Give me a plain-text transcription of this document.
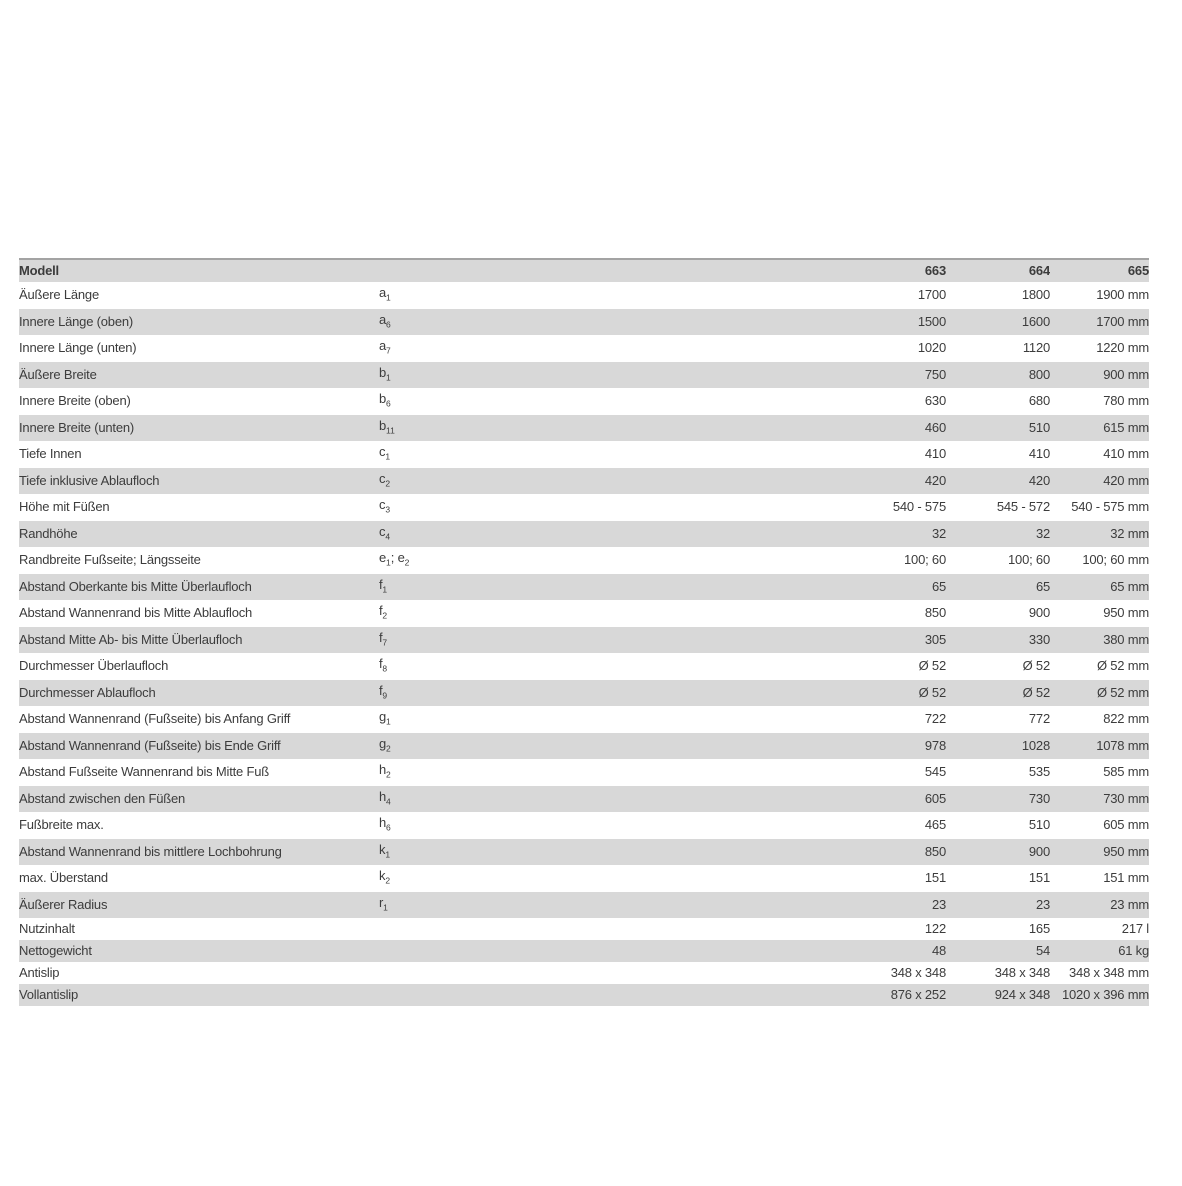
Modell		663	664	665
Äußere Länge	$a_1$	1700	1800	1900 mm
Innere Länge (oben)	$a_6$	1500	1600	1700 mm
Innere Länge (unten)	$a_7$	1020	1120	1220 mm
Äußere Breite	$b_1$	750	800	900 mm
Innere Breite (oben)	$b_6$	630	680	780 mm
Innere Breite (unten)	$b_{11}$	460	510	615 mm
Tiefe Innen	$c_1$	410	410	410 mm
Tiefe inklusive Ablaufloch	$c_2$	420	420	420 mm
Höhe mit Füßen	$c_3$	540 - 575	545 - 572	540 - 575 mm
Randhöhe	$c_4$	32	32	32 mm
Randbreite Fußseite; Längsseite	$e_1$; $e_2$	100; 60	100; 60	100; 60 mm
Abstand Oberkante bis Mitte Überlaufloch	$f_1$	65	65	65 mm
Abstand Wannenrand bis Mitte Ablaufloch	$f_2$	850	900	950 mm
Abstand Mitte Ab- bis Mitte Überlaufloch	$f_7$	305	330	380 mm
Durchmesser Überlaufloch	$f_8$	Ø 52	Ø 52	Ø 52 mm
Durchmesser Ablaufloch	$f_9$	Ø 52	Ø 52	Ø 52 mm
Abstand Wannenrand (Fußseite) bis Anfang Griff	$g_1$	722	772	822 mm
Abstand Wannenrand (Fußseite) bis Ende Griff	$g_2$	978	1028	1078 mm
Abstand Fußseite Wannenrand bis Mitte Fuß	$h_2$	545	535	585 mm
Abstand zwischen den Füßen	$h_4$	605	730	730 mm
Fußbreite max.	$h_6$	465	510	605 mm
Abstand Wannenrand bis mittlere Lochbohrung	$k_1$	850	900	950 mm
max. Überstand	$k_2$	151	151	151 mm
Äußerer Radius	$r_1$	23	23	23 mm
Nutzinhalt		122	165	217 l
Nettogewicht		48	54	61 kg
Antislip		348 x 348	348 x 348	348 x 348 mm
Vollantislip		876 x 252	924 x 348	1020 x 396 mm
